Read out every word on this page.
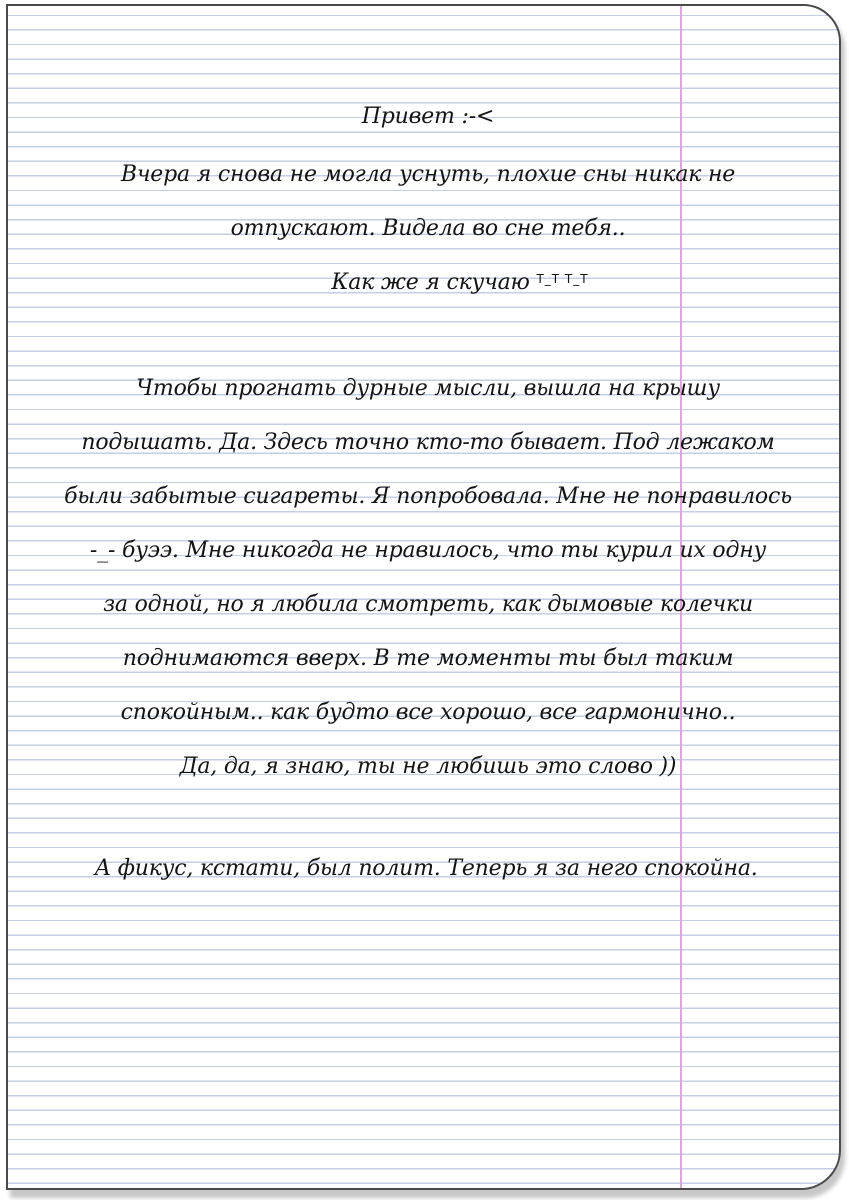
Привет :-<
Вчера я снова не могла уснуть, плохие сны никак не
отпускают. Видела во сне тебя..
Как же я скучаю $^{T\_T T\_T}$
Чтобы прогнать дурные мысли, вышла на крышу
подышать. Да. Здесь точно кто-то бывает. Под лежаком
были забытые сигареты. Я попробовала. Мне не понравилось
-_- буээ. Мне никогда не нравилось, что ты курил их одну
за одной, но я любила смотреть, как дымовые колечки
поднимаются вверх. В те моменты ты был таким
спокойным.. как будто все хорошо, все гармонично..
Да, да, я знаю, ты не любишь это слово ))
А фикус, кстати, был полит. Теперь я за него спокойна.
